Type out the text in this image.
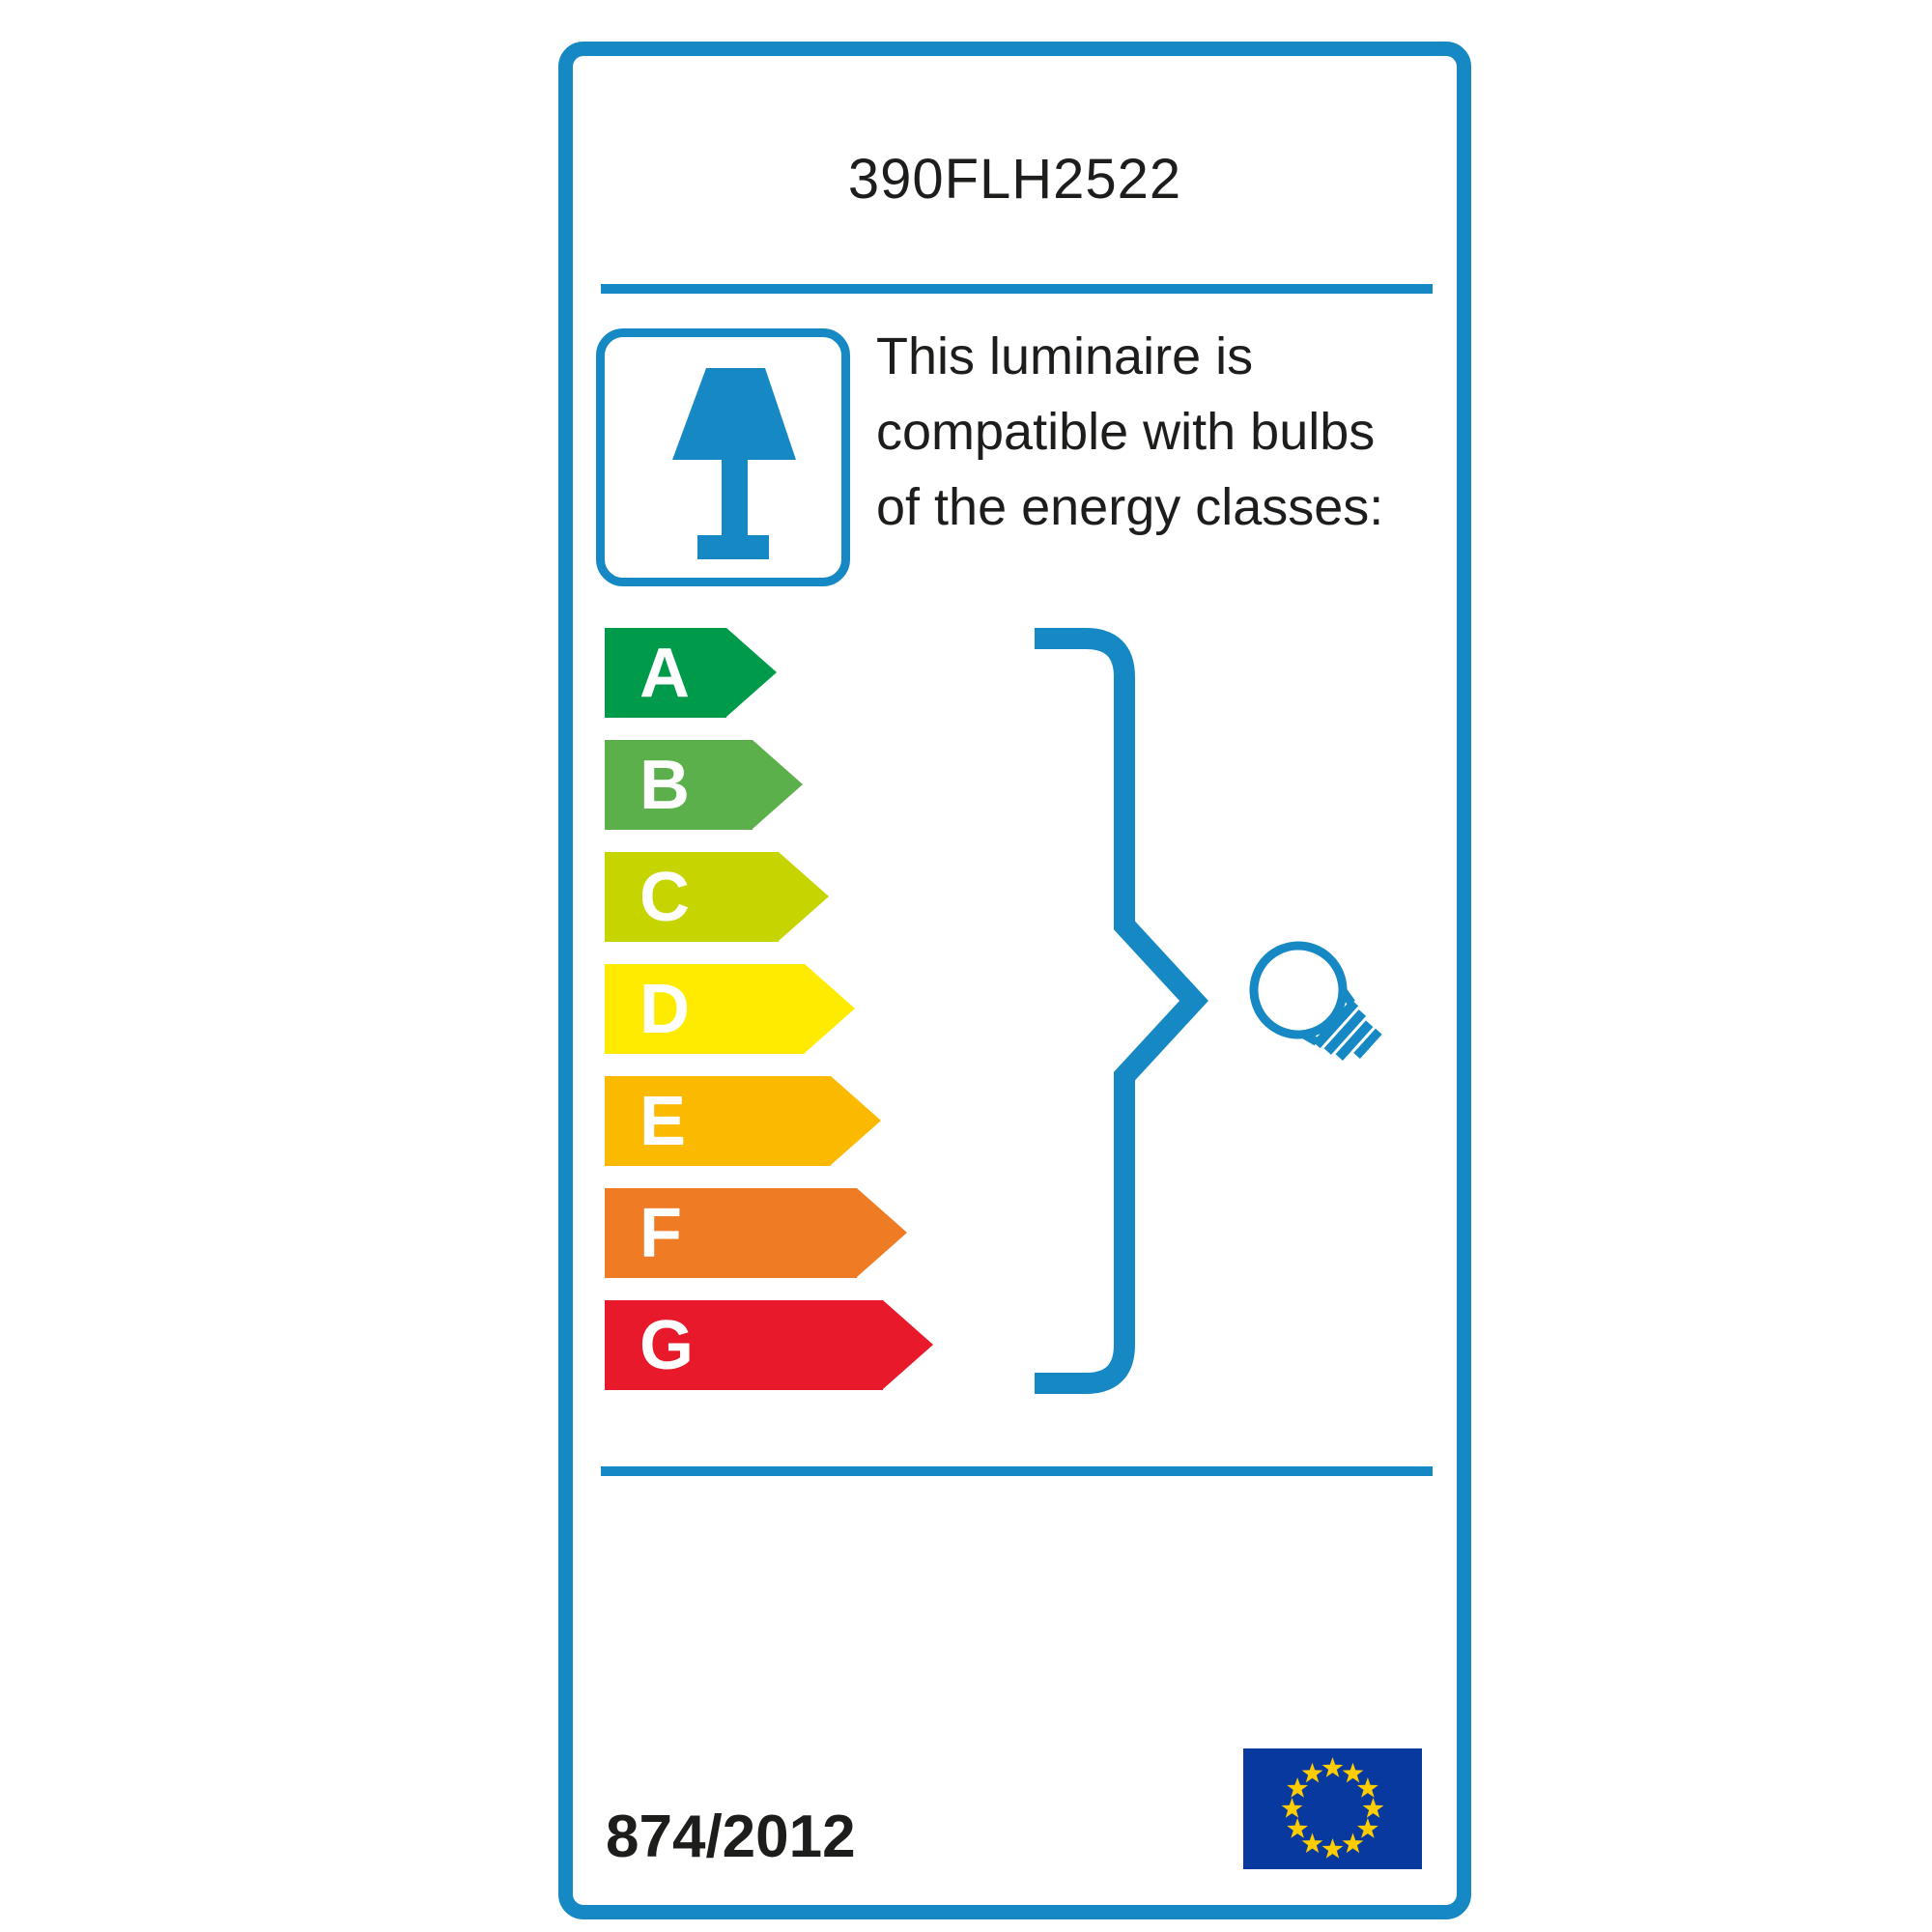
390FLH2522
This luminaire is
compatible with bulbs
of the energy classes:
A
B
C
D
E
F
G
874/2012
